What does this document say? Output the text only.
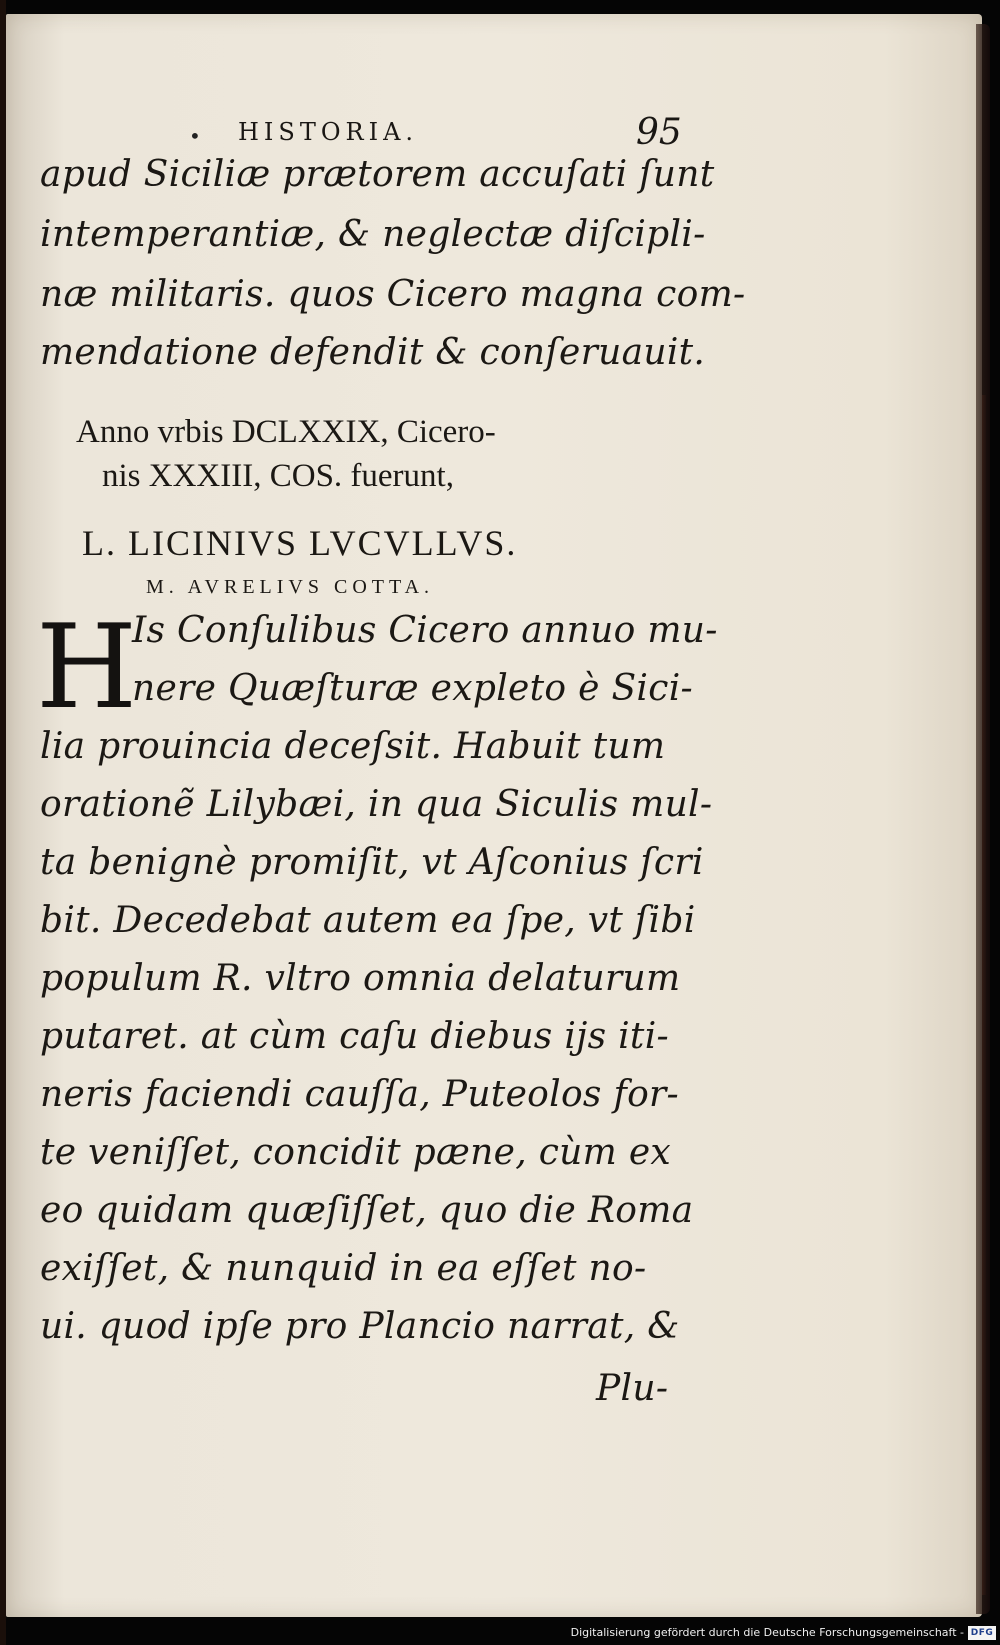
• HISTORIA.	95
apud Siciliæ prætorem accuſati ſunt
intemperantiæ, & neglectæ diſcipli-
næ militaris. quos Cicero magna com-
mendatione defendit & conſeruauit.
Anno vrbis DCLXXIX, Cicero-
nis XXXIII, COS. fuerunt,
L. LICINIVS LVCVLLVS.
M. AVRELIVS COTTA.
H
Is Conſulibus Cicero annuo mu-
nere Quæſturæ expleto è Sici-
lia prouincia deceſsit. Habuit tum
orationẽ Lilybæi, in qua Siculis mul-
ta benignè promiſit, vt Aſconius ſcri
bit. Decedebat autem ea ſpe, vt ſibi
populum R. vltro omnia delaturum
putaret. at cùm caſu diebus ijs iti-
neris faciendi cauſſa, Puteolos for-
te veniſſet, concidit pæne, cùm ex
eo quidam quæſiſſet, quo die Roma
exiſſet, & nunquid in ea eſſet no-
ui. quod ipſe pro Plancio narrat, &
Plu-
Digitalisierung gefördert durch die Deutsche Forschungsgemeinschaft - DFG
